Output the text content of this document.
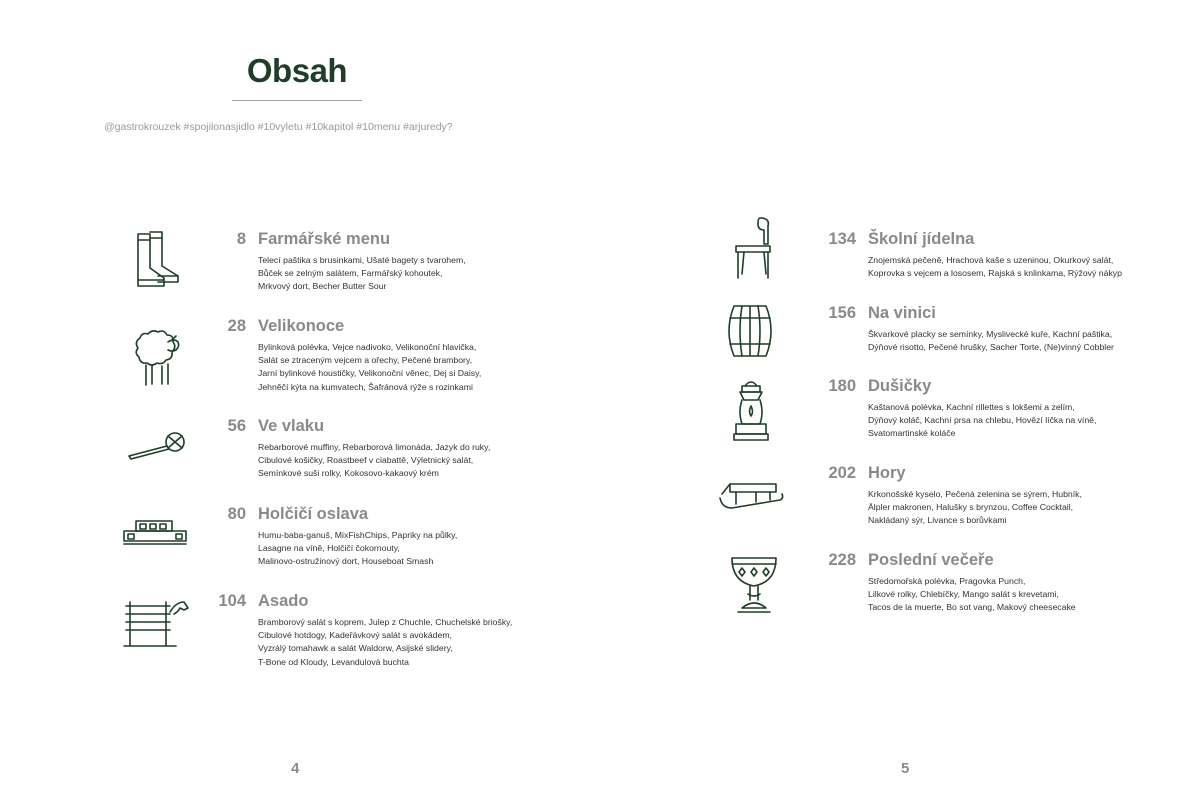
Obsah
@gastrokrouzek #spojilonasjidlo #10vyletu #10kapitol #10menu #arjuredy?
8 Farmářské menu
Telecí paštika s brusinkami, Ušaté bagety s tvarohem,
Bůček se zelným salátem, Farmářský kohoutek,
Mrkvový dort, Becher Butter Sour
28 Velikonoce
Bylinková polévka, Vejce nadivoko, Velikonoční hlavička,
Salát se ztraceným vejcem a ořechy, Pečené brambory,
Jarní bylinkové houstičky, Velikonoční věnec, Dej si Daisy,
Jehněčí kýta na kumvatech, Šafránová rýže s rozinkami
56 Ve vlaku
Rebarborové muffiny, Rebarborová limonáda, Jazyk do ruky,
Cibulové košičky, Roastbeef v ciabattě, Výletnický salát,
Semínkové suši rolky, Kokosovo-kakaový krém
80 Holčičí oslava
Humu-baba-ganuš, MixFishChips, Papriky na půlky,
Lasagne na víně, Holčičí čokornouty,
Malinovo-ostružinový dort, Houseboat Smash
104 Asado
Bramborový salát s koprem, Julep z Chuchle, Chuchelské briošky,
Cibulové hotdogy, Kadeřávkový salát s avokádem,
Vyzrálý tomahawk a salát Waldorw, Asijské slidery,
T-Bone od Kloudy, Levandulová buchta
134 Školní jídelna
Znojemská pečeně, Hrachová kaše s uzeninou, Okurkový salát,
Koprovka s vejcem a lososem, Rajská s knlinkama, Rýžový nákyp
156 Na vinici
Škvarkové placky se semínky, Myslivecké kuře, Kachní paštika,
Dýňové risotto, Pečené hrušky, Sacher Torte, (Ne)vinný Cobbler
180 Dušičky
Kaštanová polévka, Kachní rillettes s lokšemi a zelím,
Dýňový koláč, Kachní prsa na chlebu, Hovězí líčka na víně,
Svatomartinské koláče
202 Hory
Krkonošské kyselo, Pečená zelenina se sýrem, Hubník,
Älpler makronen, Halušky s brynzou, Coffee Cocktail,
Nakládaný sýr, Livance s borůvkami
228 Poslední večeře
Středomořská polévka, Pragovka Punch,
Lilkové rolky, Chlebíčky, Mango salát s krevetami,
Tacos de la muerte, Bo sot vang, Makový cheesecake
4	5
